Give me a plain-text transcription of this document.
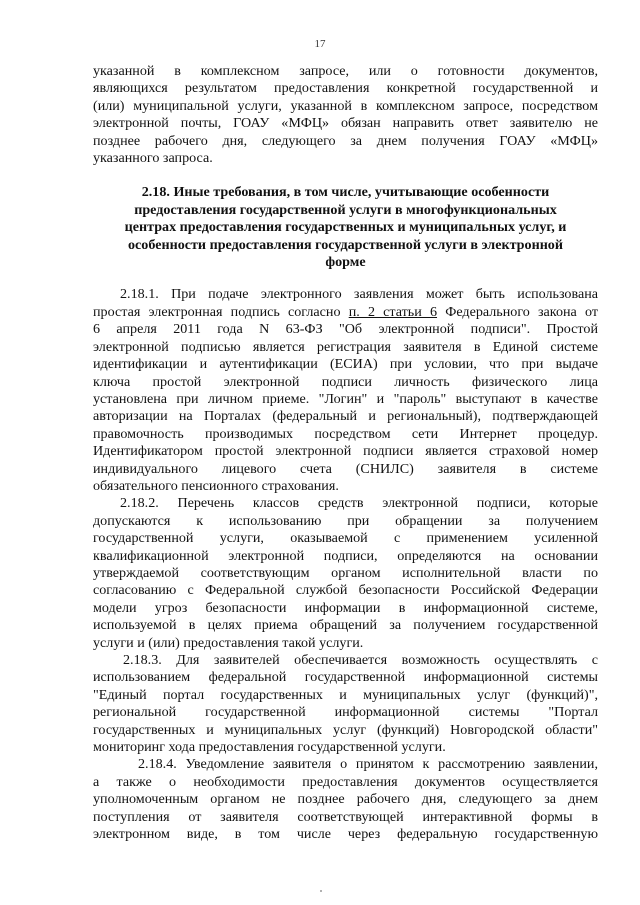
17
указанной в комплексном запросе, или о готовности документов,
являющихся результатом предоставления конкретной государственной и
(или) муниципальной услуги, указанной в комплексном запросе, посредством
электронной почты, ГОАУ «МФЦ» обязан направить ответ заявителю не
позднее рабочего дня, следующего за днем получения ГОАУ «МФЦ»
указанного запроса.
2.18. Иные требования, в том числе, учитывающие особенности
предоставления государственной услуги в многофункциональных
центрах предоставления государственных и муниципальных услуг, и
особенности предоставления государственной услуги в электронной
форме
2.18.1. При подаче электронного заявления может быть использована
простая электронная подпись согласно п. 2 статьи 6 Федерального закона от
6 апреля 2011 года N 63-ФЗ "Об электронной подписи". Простой
электронной подписью является регистрация заявителя в Единой системе
идентификации и аутентификации (ЕСИА) при условии, что при выдаче
ключа простой электронной подписи личность физического лица
установлена при личном приеме. "Логин" и "пароль" выступают в качестве
авторизации на Порталах (федеральный и региональный), подтверждающей
правомочность производимых посредством сети Интернет процедур.
Идентификатором простой электронной подписи является страховой номер
индивидуального лицевого счета (СНИЛС) заявителя в системе
обязательного пенсионного страхования.
2.18.2. Перечень классов средств электронной подписи, которые
допускаются к использованию при обращении за получением
государственной услуги, оказываемой с применением усиленной
квалификационной электронной подписи, определяются на основании
утверждаемой соответствующим органом исполнительной власти по
согласованию с Федеральной службой безопасности Российской Федерации
модели угроз безопасности информации в информационной системе,
используемой в целях приема обращений за получением государственной
услуги и (или) предоставления такой услуги.
2.18.3. Для заявителей обеспечивается возможность осуществлять с
использованием федеральной государственной информационной системы
"Единый портал государственных и муниципальных услуг (функций)",
региональной государственной информационной системы "Портал
государственных и муниципальных услуг (функций) Новгородской области"
мониторинг хода предоставления государственной услуги.
2.18.4. Уведомление заявителя о принятом к рассмотрению заявлении,
а также о необходимости предоставления документов осуществляется
уполномоченным органом не позднее рабочего дня, следующего за днем
поступления от заявителя соответствующей интерактивной формы в
электронном виде, в том числе через федеральную государственную
